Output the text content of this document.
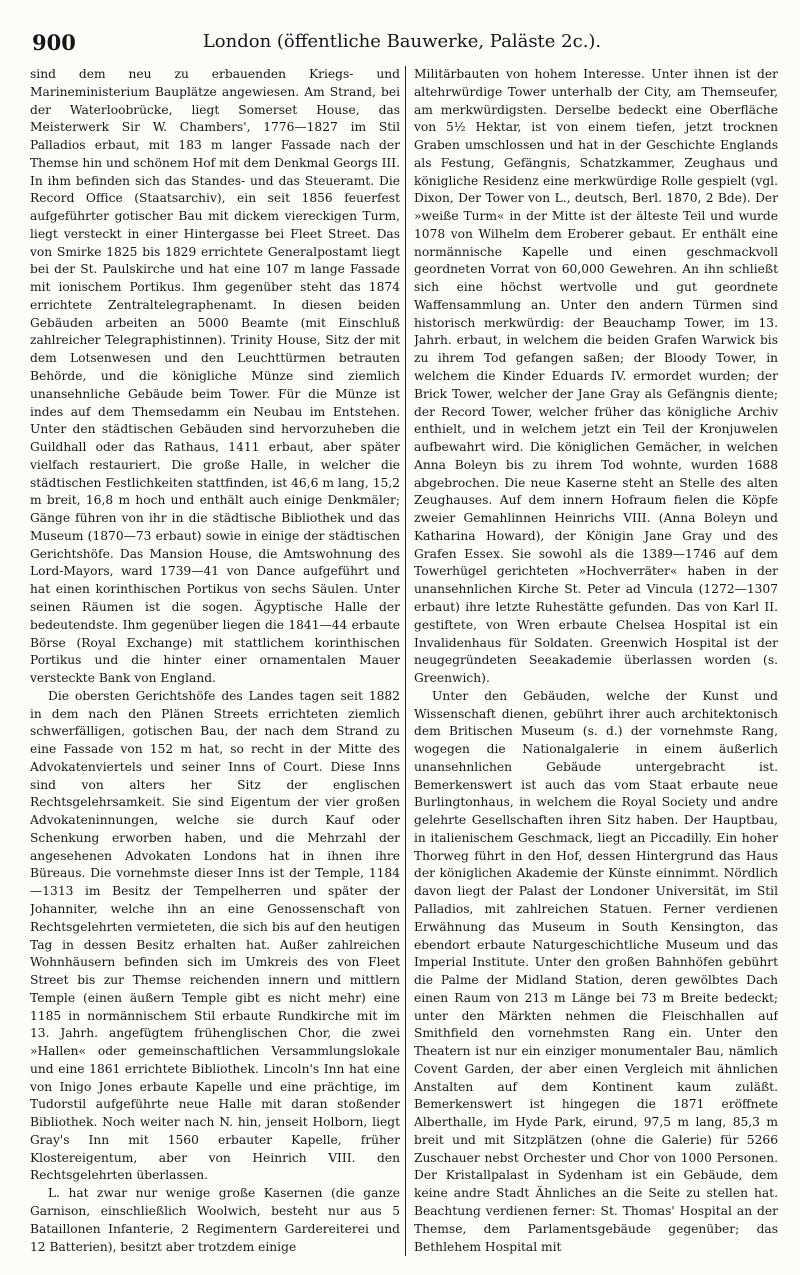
900	London (öffentliche Bauwerke, Paläste 2c.).

sind dem neu zu erbauenden Kriegs- und Marineministerium Bauplätze angewiesen. Am Strand, bei der Waterloobrücke, liegt Somerset House, das Meisterwerk Sir W. Chambers', 1776—1827 im Stil Palladios erbaut, mit 183 m langer Fassade nach der Themse hin und schönem Hof mit dem Denkmal Georgs III. In ihm befinden sich das Standes- und das Steueramt. Die Record Office (Staatsarchiv), ein seit 1856 feuerfest aufgeführter gotischer Bau mit dickem viereckigen Turm, liegt versteckt in einer Hintergasse bei Fleet Street. Das von Smirke 1825 bis 1829 errichtete Generalpostamt liegt bei der St. Paulskirche und hat eine 107 m lange Fassade mit ionischem Portikus. Ihm gegenüber steht das 1874 errichtete Zentraltelegraphenamt. In diesen beiden Gebäuden arbeiten an 5000 Beamte (mit Einschluß zahlreicher Telegraphistinnen). Trinity House, Sitz der mit dem Lotsenwesen und den Leuchttürmen betrauten Behörde, und die königliche Münze sind ziemlich unansehnliche Gebäude beim Tower. Für die Münze ist indes auf dem Themsedamm ein Neubau im Entstehen. Unter den städtischen Gebäuden sind hervorzuheben die Guildhall oder das Rathaus, 1411 erbaut, aber später vielfach restauriert. Die große Halle, in welcher die städtischen Festlichkeiten stattfinden, ist 46,6 m lang, 15,2 m breit, 16,8 m hoch und enthält auch einige Denkmäler; Gänge führen von ihr in die städtische Bibliothek und das Museum (1870—73 erbaut) sowie in einige der städtischen Gerichtshöfe. Das Mansion House, die Amtswohnung des Lord-Mayors, ward 1739—41 von Dance aufgeführt und hat einen korinthischen Portikus von sechs Säulen. Unter seinen Räumen ist die sogen. Ägyptische Halle der bedeutendste. Ihm gegenüber liegen die 1841—44 erbaute Börse (Royal Exchange) mit stattlichem korinthischen Portikus und die hinter einer ornamentalen Mauer versteckte Bank von England.

Die obersten Gerichtshöfe des Landes tagen seit 1882 in dem nach den Plänen Streets errichteten ziemlich schwerfälligen, gotischen Bau, der nach dem Strand zu eine Fassade von 152 m hat, so recht in der Mitte des Advokatenviertels und seiner Inns of Court. Diese Inns sind von alters her Sitz der englischen Rechtsgelehrsamkeit. Sie sind Eigentum der vier großen Advokateninnungen, welche sie durch Kauf oder Schenkung erworben haben, und die Mehrzahl der angesehenen Advokaten Londons hat in ihnen ihre Büreaus. Die vornehmste dieser Inns ist der Temple, 1184—1313 im Besitz der Tempelherren und später der Johanniter, welche ihn an eine Genossenschaft von Rechtsgelehrten vermieteten, die sich bis auf den heutigen Tag in dessen Besitz erhalten hat. Außer zahlreichen Wohnhäusern befinden sich im Umkreis des von Fleet Street bis zur Themse reichenden innern und mittlern Temple (einen äußern Temple gibt es nicht mehr) eine 1185 in normännischem Stil erbaute Rundkirche mit im 13. Jahrh. angefügtem frühenglischen Chor, die zwei »Hallen« oder gemeinschaftlichen Versammlungslokale und eine 1861 errichtete Bibliothek. Lincoln's Inn hat eine von Inigo Jones erbaute Kapelle und eine prächtige, im Tudorstil aufgeführte neue Halle mit daran stoßender Bibliothek. Noch weiter nach N. hin, jenseit Holborn, liegt Gray's Inn mit 1560 erbauter Kapelle, früher Klostereigentum, aber von Heinrich VIII. den Rechtsgelehrten überlassen.

L. hat zwar nur wenige große Kasernen (die ganze Garnison, einschließlich Woolwich, besteht nur aus 5 Bataillonen Infanterie, 2 Regimentern Gardereiterei und 12 Batterien), besitzt aber trotzdem einige

Militärbauten von hohem Interesse. Unter ihnen ist der altehrwürdige Tower unterhalb der City, am Themseufer, am merkwürdigsten. Derselbe bedeckt eine Oberfläche von 5½ Hektar, ist von einem tiefen, jetzt trocknen Graben umschlossen und hat in der Geschichte Englands als Festung, Gefängnis, Schatzkammer, Zeughaus und königliche Residenz eine merkwürdige Rolle gespielt (vgl. Dixon, Der Tower von L., deutsch, Berl. 1870, 2 Bde). Der »weiße Turm« in der Mitte ist der älteste Teil und wurde 1078 von Wilhelm dem Eroberer gebaut. Er enthält eine normännische Kapelle und einen geschmackvoll geordneten Vorrat von 60,000 Gewehren. An ihn schließt sich eine höchst wertvolle und gut geordnete Waffensammlung an. Unter den andern Türmen sind historisch merkwürdig: der Beauchamp Tower, im 13. Jahrh. erbaut, in welchem die beiden Grafen Warwick bis zu ihrem Tod gefangen saßen; der Bloody Tower, in welchem die Kinder Eduards IV. ermordet wurden; der Brick Tower, welcher der Jane Gray als Gefängnis diente; der Record Tower, welcher früher das königliche Archiv enthielt, und in welchem jetzt ein Teil der Kronjuwelen aufbewahrt wird. Die königlichen Gemächer, in welchen Anna Boleyn bis zu ihrem Tod wohnte, wurden 1688 abgebrochen. Die neue Kaserne steht an Stelle des alten Zeughauses. Auf dem innern Hofraum fielen die Köpfe zweier Gemahlinnen Heinrichs VIII. (Anna Boleyn und Katharina Howard), der Königin Jane Gray und des Grafen Essex. Sie sowohl als die 1389—1746 auf dem Towerhügel gerichteten »Hochverräter« haben in der unansehnlichen Kirche St. Peter ad Vincula (1272—1307 erbaut) ihre letzte Ruhestätte gefunden. Das von Karl II. gestiftete, von Wren erbaute Chelsea Hospital ist ein Invalidenhaus für Soldaten. Greenwich Hospital ist der neugegründeten Seeakademie überlassen worden (s. Greenwich).

Unter den Gebäuden, welche der Kunst und Wissenschaft dienen, gebührt ihrer auch architektonisch dem Britischen Museum (s. d.) der vornehmste Rang, wogegen die Nationalgalerie in einem äußerlich unansehnlichen Gebäude untergebracht ist. Bemerkenswert ist auch das vom Staat erbaute neue Burlingtonhaus, in welchem die Royal Society und andre gelehrte Gesellschaften ihren Sitz haben. Der Hauptbau, in italienischem Geschmack, liegt an Piccadilly. Ein hoher Thorweg führt in den Hof, dessen Hintergrund das Haus der königlichen Akademie der Künste einnimmt. Nördlich davon liegt der Palast der Londoner Universität, im Stil Palladios, mit zahlreichen Statuen. Ferner verdienen Erwähnung das Museum in South Kensington, das ebendort erbaute Naturgeschichtliche Museum und das Imperial Institute. Unter den großen Bahnhöfen gebührt die Palme der Midland Station, deren gewölbtes Dach einen Raum von 213 m Länge bei 73 m Breite bedeckt; unter den Märkten nehmen die Fleischhallen auf Smithfield den vornehmsten Rang ein. Unter den Theatern ist nur ein einziger monumentaler Bau, nämlich Covent Garden, der aber einen Vergleich mit ähnlichen Anstalten auf dem Kontinent kaum zuläßt. Bemerkenswert ist hingegen die 1871 eröffnete Alberthalle, im Hyde Park, eirund, 97,5 m lang, 85,3 m breit und mit Sitzplätzen (ohne die Galerie) für 5266 Zuschauer nebst Orchester und Chor von 1000 Personen. Der Kristallpalast in Sydenham ist ein Gebäude, dem keine andre Stadt Ähnliches an die Seite zu stellen hat. Beachtung verdienen ferner: St. Thomas' Hospital an der Themse, dem Parlamentsgebäude gegenüber; das Bethlehem Hospital mit
